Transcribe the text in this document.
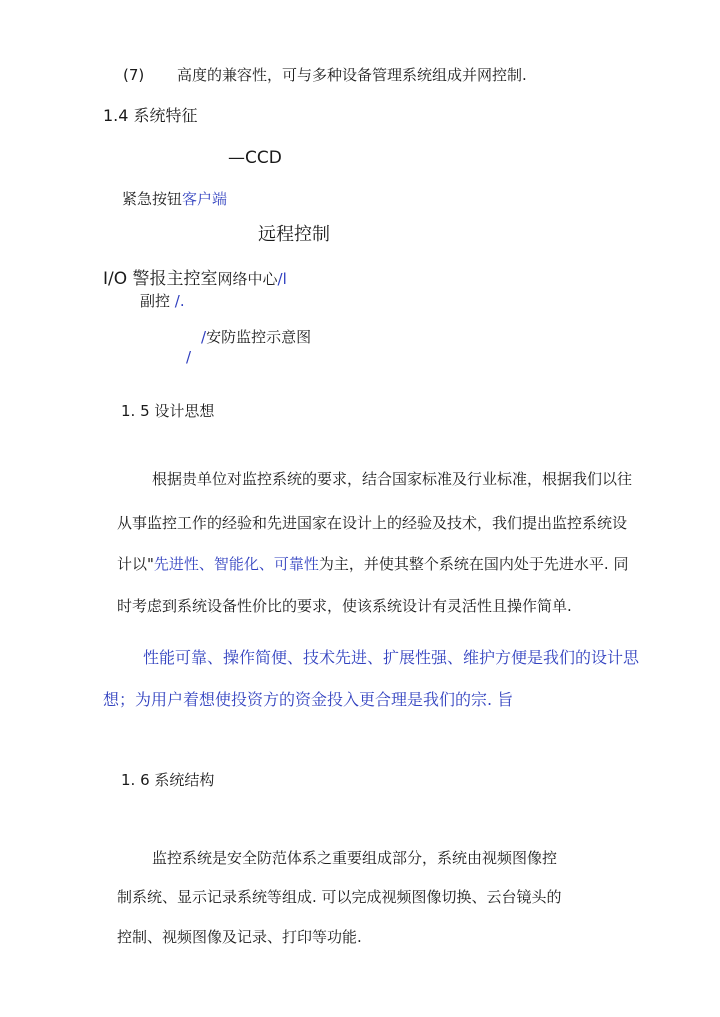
(7) 高度的兼容性，可与多种设备管理系统组成并网控制.
1.4 系统特征
—CCD
紧急按钮客户端
远程控制
I/O 警报主控室网络中心/l
副控 /.
/安防监控示意图
/
1. 5 设计思想
根据贵单位对监控系统的要求，结合国家标准及行业标准，根据我们以往
从事监控工作的经验和先进国家在设计上的经验及技术，我们提出监控系统设
计以"先进性、智能化、可靠性为主，并使其整个系统在国内处于先进水平. 同
时考虑到系统设备性价比的要求，使该系统设计有灵活性且操作简单.
性能可靠、操作简便、技术先进、扩展性强、维护方便是我们的设计思
想；为用户着想使投资方的资金投入更合理是我们的宗. 旨
1. 6 系统结构
监控系统是安全防范体系之重要组成部分，系统由视频图像控
制系统、显示记录系统等组成. 可以完成视频图像切换、云台镜头的
控制、视频图像及记录、打印等功能.
